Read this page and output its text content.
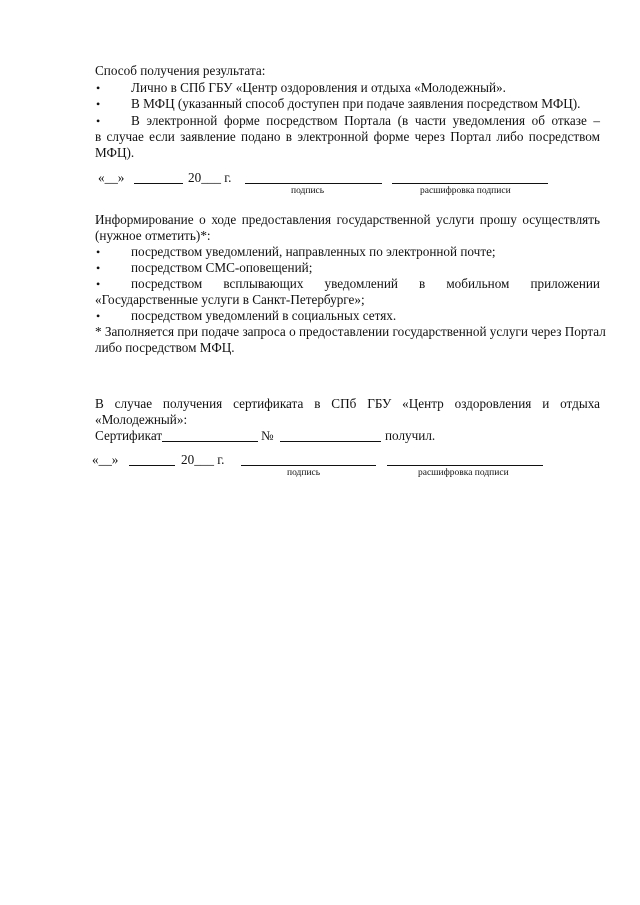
Способ получения результата:
• Лично в СПб ГБУ «Центр оздоровления и отдыха «Молодежный».
• В МФЦ (указанный способ доступен при подаче заявления посредством МФЦ).
• В электронной форме посредством Портала (в части уведомления об отказе –
в случае если заявление подано в электронной форме через Портал либо посредством
МФЦ).
«__»	20___ г.
подпись	расшифровка подписи
Информирование о ходе предоставления государственной услуги прошу осуществлять
(нужное отметить)*:
• посредством уведомлений, направленных по электронной почте;
• посредством СМС-оповещений;
• посредством всплывающих уведомлений в мобильном приложении
«Государственные услуги в Санкт-Петербурге»;
• посредством уведомлений в социальных сетях.
* Заполняется при подаче запроса о предоставлении государственной услуги через Портал
либо посредством МФЦ.
В случае получения сертификата в СПб ГБУ «Центр оздоровления и отдыха
«Молодежный»:
Сертификат	№	получил.
«__»	20___ г.
подпись	расшифровка подписи
